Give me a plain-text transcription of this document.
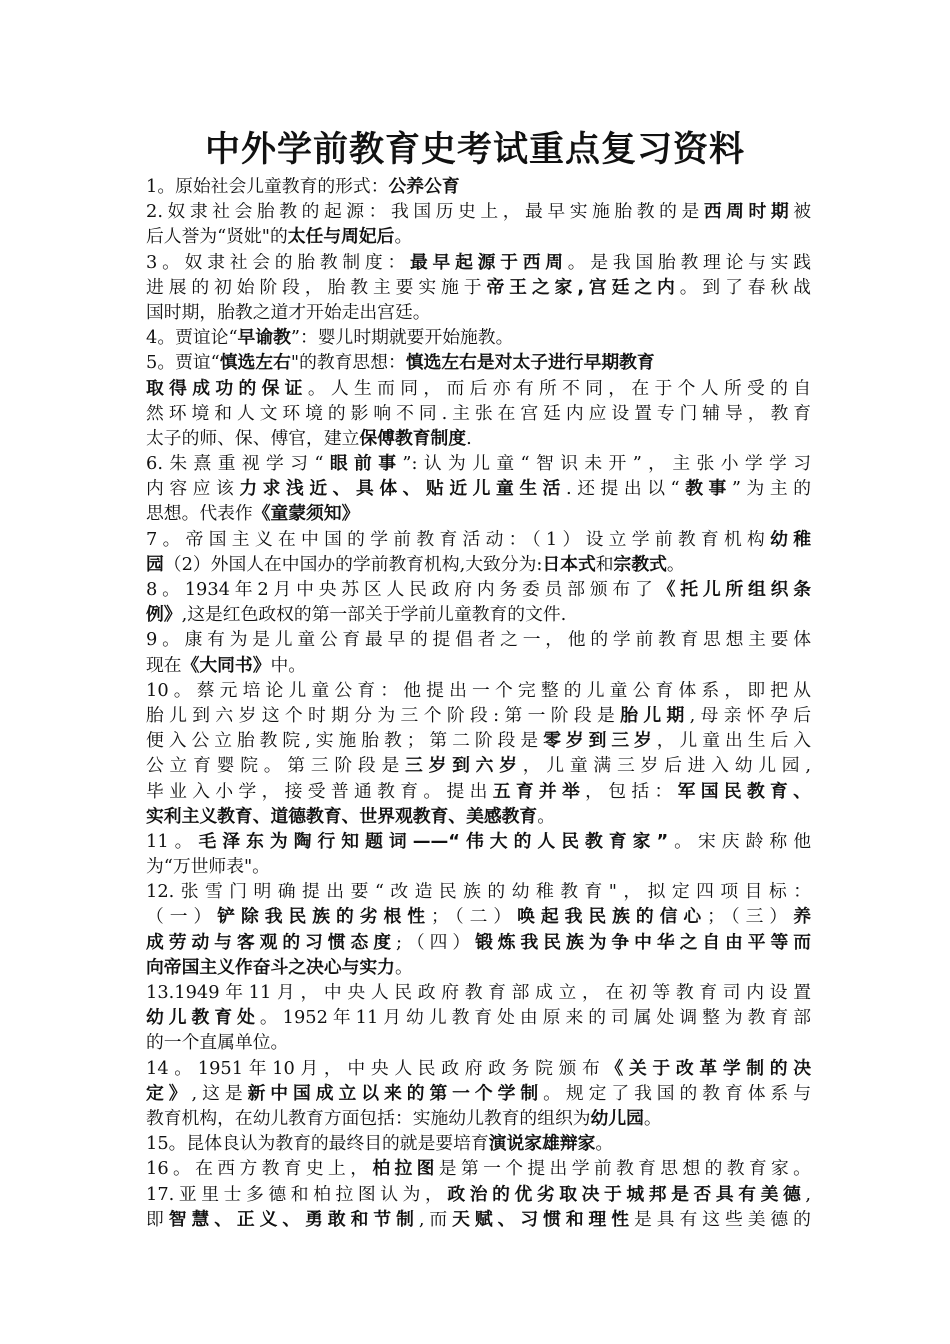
中外学前教育史考试重点复习资料
1。原始社会儿童教育的形式：公养公育
2.奴隶社会胎教的起源：我国历史上，最早实施胎教的是西周时期被
后人誉为“贤妣"的太任与周妃后。
3。奴隶社会的胎教制度：最早起源于西周。是我国胎教理论与实践
进展的初始阶段，胎教主要实施于帝王之家,宫廷之内。到了春秋战
国时期，胎教之道才开始走出宫廷。
4。贾谊论“早谕教”：婴儿时期就要开始施教。
5。贾谊“慎选左右"的教育思想：慎选左右是对太子进行早期教育
取得成功的保证。人生而同，而后亦有所不同，在于个人所受的自
然环境和人文环境的影响不同.主张在宫廷内应设置专门辅导，教育
太子的师、保、傅官，建立保傅教育制度.
6.朱熹重视学习“眼前事”:认为儿童“智识未开”，主张小学学习
内容应该力求浅近、具体、贴近儿童生活.还提出以“教事”为主的
思想。代表作《童蒙须知》
7。帝国主义在中国的学前教育活动：（1）设立学前教育机构幼稚
园（2）外国人在中国办的学前教育机构,大致分为:日本式和宗教式。
8。1934年2月中央苏区人民政府内务委员部颁布了《托儿所组织条
例》,这是红色政权的第一部关于学前儿童教育的文件.
9。康有为是儿童公育最早的提倡者之一，他的学前教育思想主要体
现在《大同书》中。
10。蔡元培论儿童公育：他提出一个完整的儿童公育体系，即把从
胎儿到六岁这个时期分为三个阶段:第一阶段是胎儿期,母亲怀孕后
便入公立胎教院,实施胎教；第二阶段是零岁到三岁，儿童出生后入
公立育婴院。第三阶段是三岁到六岁，儿童满三岁后进入幼儿园,
毕业入小学，接受普通教育。提出五育并举，包括：军国民教育、
实利主义教育、道德教育、世界观教育、美感教育。
11。毛泽东为陶行知题词——“伟大的人民教育家”。宋庆龄称他
为“万世师表"。
12.张雪门明确提出要“改造民族的幼稚教育"，拟定四项目标：
（一）铲除我民族的劣根性；（二）唤起我民族的信心；（三）养
成劳动与客观的习惯态度;（四）锻炼我民族为争中华之自由平等而
向帝国主义作奋斗之决心与实力。
13.1949年11月，中央人民政府教育部成立，在初等教育司内设置
幼儿教育处。1952年11月幼儿教育处由原来的司属处调整为教育部
的一个直属单位。
14。1951年10月，中央人民政府政务院颁布《关于改革学制的决
定》,这是新中国成立以来的第一个学制。规定了我国的教育体系与
教育机构，在幼儿教育方面包括：实施幼儿教育的组织为幼儿园。
15。昆体良认为教育的最终目的就是要培育演说家雄辩家。
16。在西方教育史上，柏拉图是第一个提出学前教育思想的教育家。
17.亚里士多德和柏拉图认为，政治的优劣取决于城邦是否具有美德,
即智慧、正义、勇敢和节制,而天赋、习惯和理性是具有这些美德的
